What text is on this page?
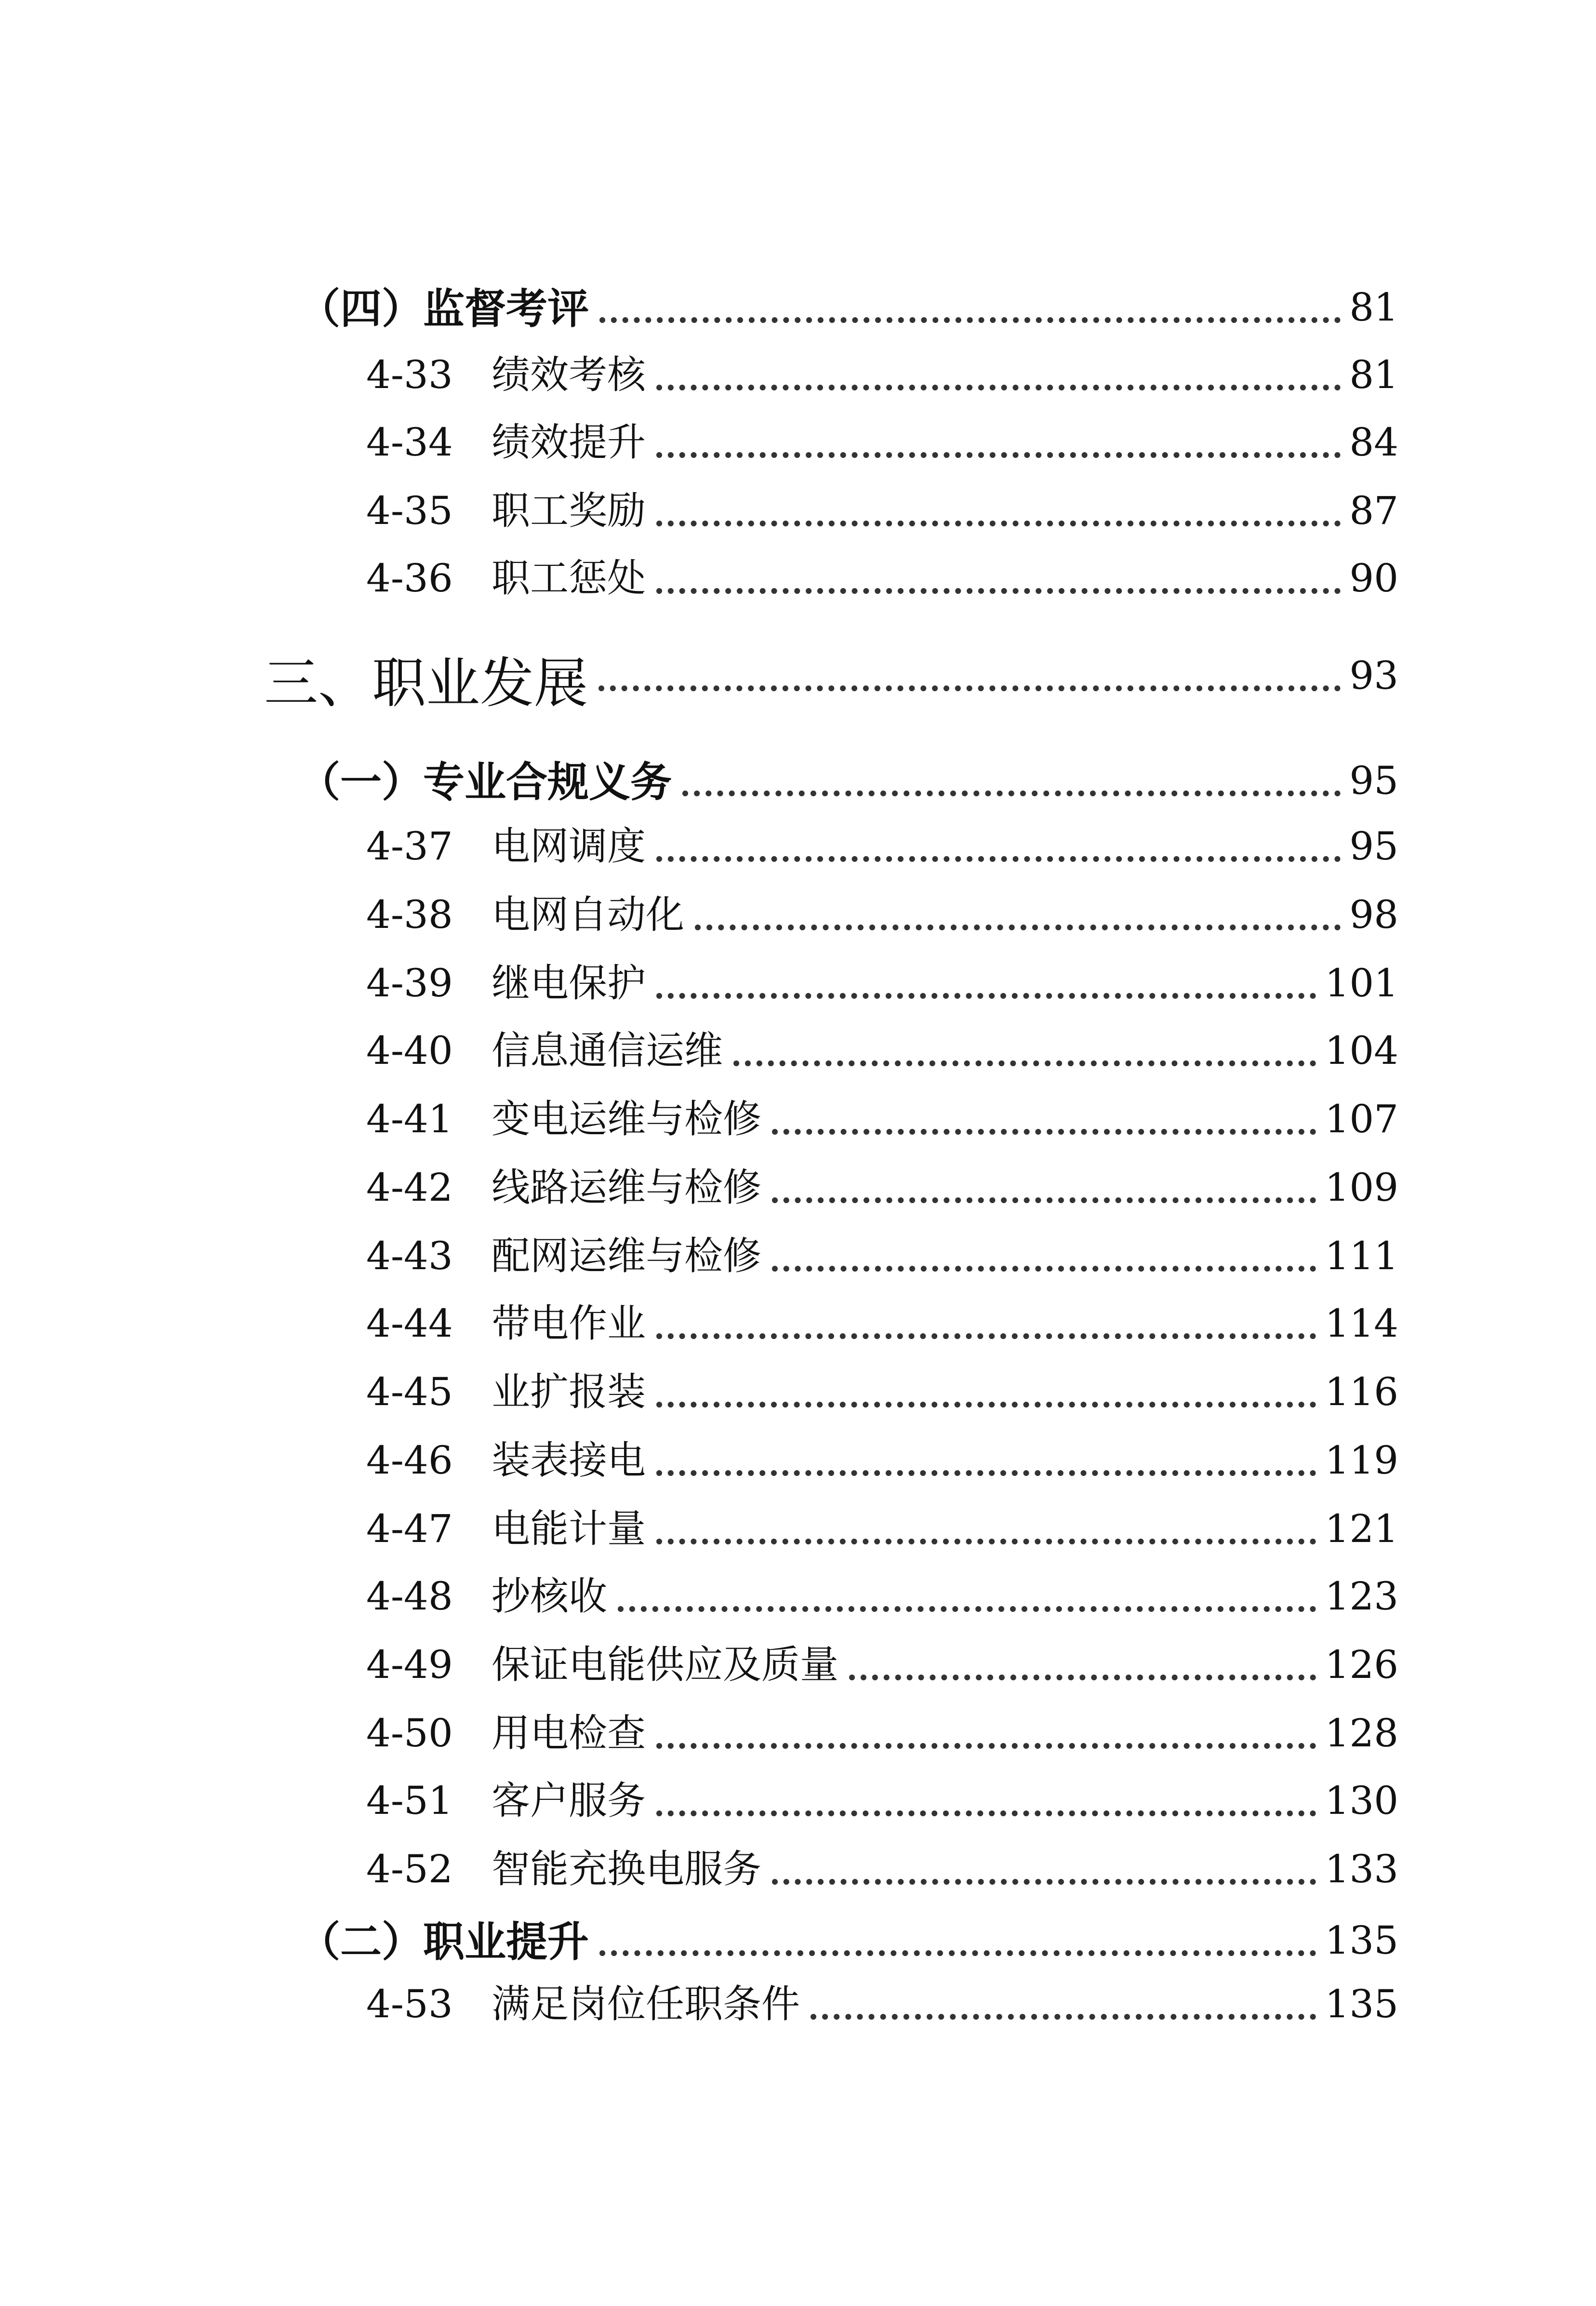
（四）监督考评	81
4-33 绩效考核	81
4-34 绩效提升	84
4-35 职工奖励	87
4-36 职工惩处	90
三、职业发展	93
（一）专业合规义务	95
4-37 电网调度	95
4-38 电网自动化	98
4-39 继电保护	101
4-40 信息通信运维	104
4-41 变电运维与检修	107
4-42 线路运维与检修	109
4-43 配网运维与检修	111
4-44 带电作业	114
4-45 业扩报装	116
4-46 装表接电	119
4-47 电能计量	121
4-48 抄核收	123
4-49 保证电能供应及质量	126
4-50 用电检查	128
4-51 客户服务	130
4-52 智能充换电服务	133
（二）职业提升	135
4-53 满足岗位任职条件	135
